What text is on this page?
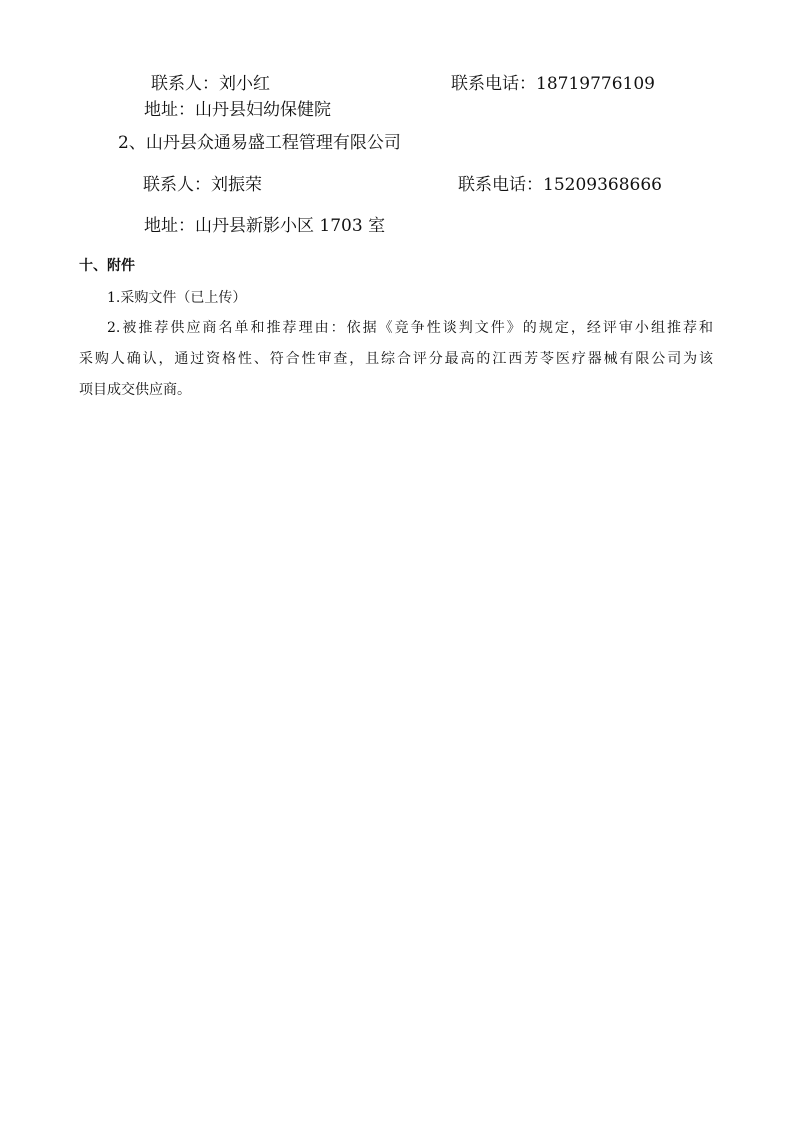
联系人：刘小红	联系电话：18719776109
地址：山丹县妇幼保健院
2、山丹县众通易盛工程管理有限公司
联系人：刘振荣	联系电话：15209368666
地址：山丹县新影小区 1703 室
十、附件
1.采购文件（已上传）
2.被推荐供应商名单和推荐理由：依据《竞争性谈判文件》的规定，经评审小组推荐和
采购人确认，通过资格性、符合性审查，且综合评分最高的江西芳苓医疗器械有限公司为该
项目成交供应商。
